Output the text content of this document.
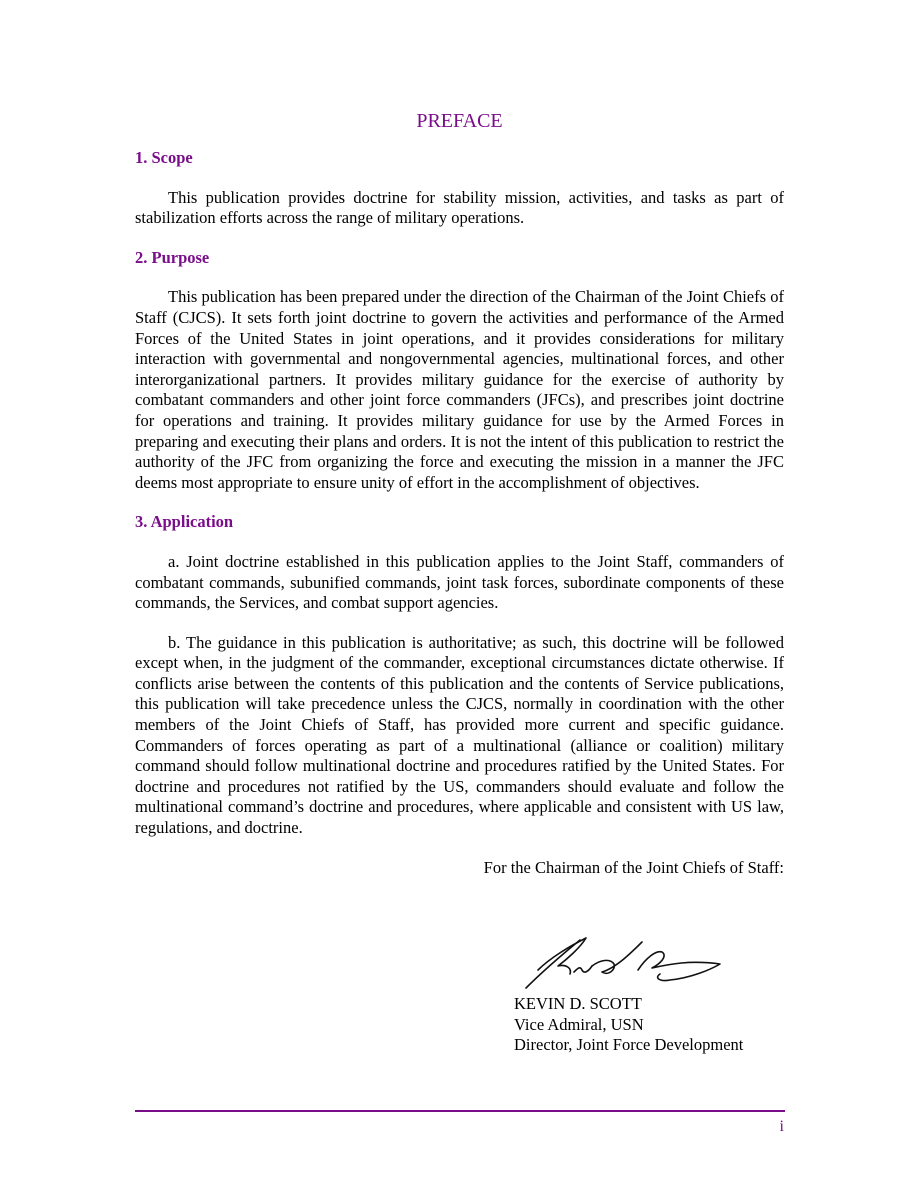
PREFACE
1. Scope

This publication provides doctrine for stability mission, activities, and tasks as part of stabilization efforts across the range of military operations.

2. Purpose

This publication has been prepared under the direction of the Chairman of the Joint Chiefs of Staff (CJCS). It sets forth joint doctrine to govern the activities and performance of the Armed Forces of the United States in joint operations, and it provides considerations for military interaction with governmental and nongovernmental agencies, multinational forces, and other interorganizational partners. It provides military guidance for the exercise of authority by combatant commanders and other joint force commanders (JFCs), and prescribes joint doctrine for operations and training. It provides military guidance for use by the Armed Forces in preparing and executing their plans and orders. It is not the intent of this publication to restrict the authority of the JFC from organizing the force and executing the mission in a manner the JFC deems most appropriate to ensure unity of effort in the accomplishment of objectives.

3. Application

a. Joint doctrine established in this publication applies to the Joint Staff, commanders of combatant commands, subunified commands, joint task forces, subordinate components of these commands, the Services, and combat support agencies.

b. The guidance in this publication is authoritative; as such, this doctrine will be followed except when, in the judgment of the commander, exceptional circumstances dictate otherwise. If conflicts arise between the contents of this publication and the contents of Service publications, this publication will take precedence unless the CJCS, normally in coordination with the other members of the Joint Chiefs of Staff, has provided more current and specific guidance. Commanders of forces operating as part of a multinational (alliance or coalition) military command should follow multinational doctrine and procedures ratified by the United States. For doctrine and procedures not ratified by the US, commanders should evaluate and follow the multinational command’s doctrine and procedures, where applicable and consistent with US law, regulations, and doctrine.

For the Chairman of the Joint Chiefs of Staff:

KEVIN D. SCOTT
Vice Admiral, USN
Director, Joint Force Development
i
